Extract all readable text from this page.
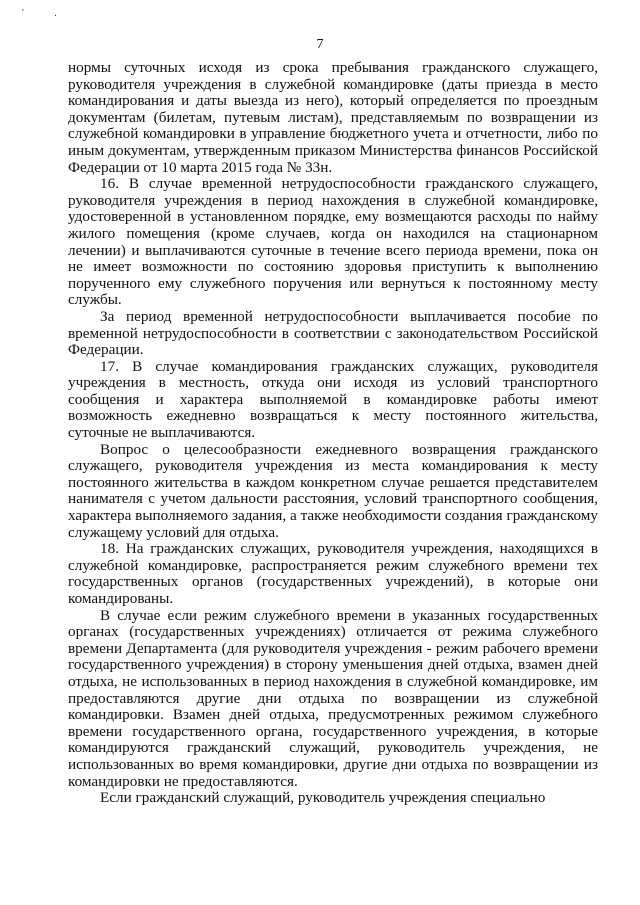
' .
7

нормы суточных исходя из срока пребывания гражданского служащего, руководителя учреждения в служебной командировке (даты приезда в место командирования и даты выезда из него), который определяется по проездным документам (билетам, путевым листам), представляемым по возвращении из служебной командировки в управление бюджетного учета и отчетности, либо по иным документам, утвержденным приказом Министерства финансов Российской Федерации от 10 марта 2015 года № 33н.

16. В случае временной нетрудоспособности гражданского служащего, руководителя учреждения в период нахождения в служебной командировке, удостоверенной в установленном порядке, ему возмещаются расходы по найму жилого помещения (кроме случаев, когда он находился на стационарном лечении) и выплачиваются суточные в течение всего периода времени, пока он не имеет возможности по состоянию здоровья приступить к выполнению порученного ему служебного поручения или вернуться к постоянному месту службы.

За период временной нетрудоспособности выплачивается пособие по временной нетрудоспособности в соответствии с законодательством Российской Федерации.

17. В случае командирования гражданских служащих, руководителя учреждения в местность, откуда они исходя из условий транспортного сообщения и характера выполняемой в командировке работы имеют возможность ежедневно возвращаться к месту постоянного жительства, суточные не выплачиваются.

Вопрос о целесообразности ежедневного возвращения гражданского служащего, руководителя учреждения из места командирования к месту постоянного жительства в каждом конкретном случае решается представителем нанимателя с учетом дальности расстояния, условий транспортного сообщения, характера выполняемого задания, а также необходимости создания гражданскому служащему условий для отдыха.

18. На гражданских служащих, руководителя учреждения, находящихся в служебной командировке, распространяется режим служебного времени тех государственных органов (государственных учреждений), в которые они командированы.

В случае если режим служебного времени в указанных государственных органах (государственных учреждениях) отличается от режима служебного времени Департамента (для руководителя учреждения - режим рабочего времени государственного учреждения) в сторону уменьшения дней отдыха, взамен дней отдыха, не использованных в период нахождения в служебной командировке, им предоставляются другие дни отдыха по возвращении из служебной командировки. Взамен дней отдыха, предусмотренных режимом служебного времени государственного органа, государственного учреждения, в которые командируются гражданский служащий, руководитель учреждения, не использованных во время командировки, другие дни отдыха по возвращении из командировки не предоставляются.

Если гражданский служащий, руководитель учреждения специально
